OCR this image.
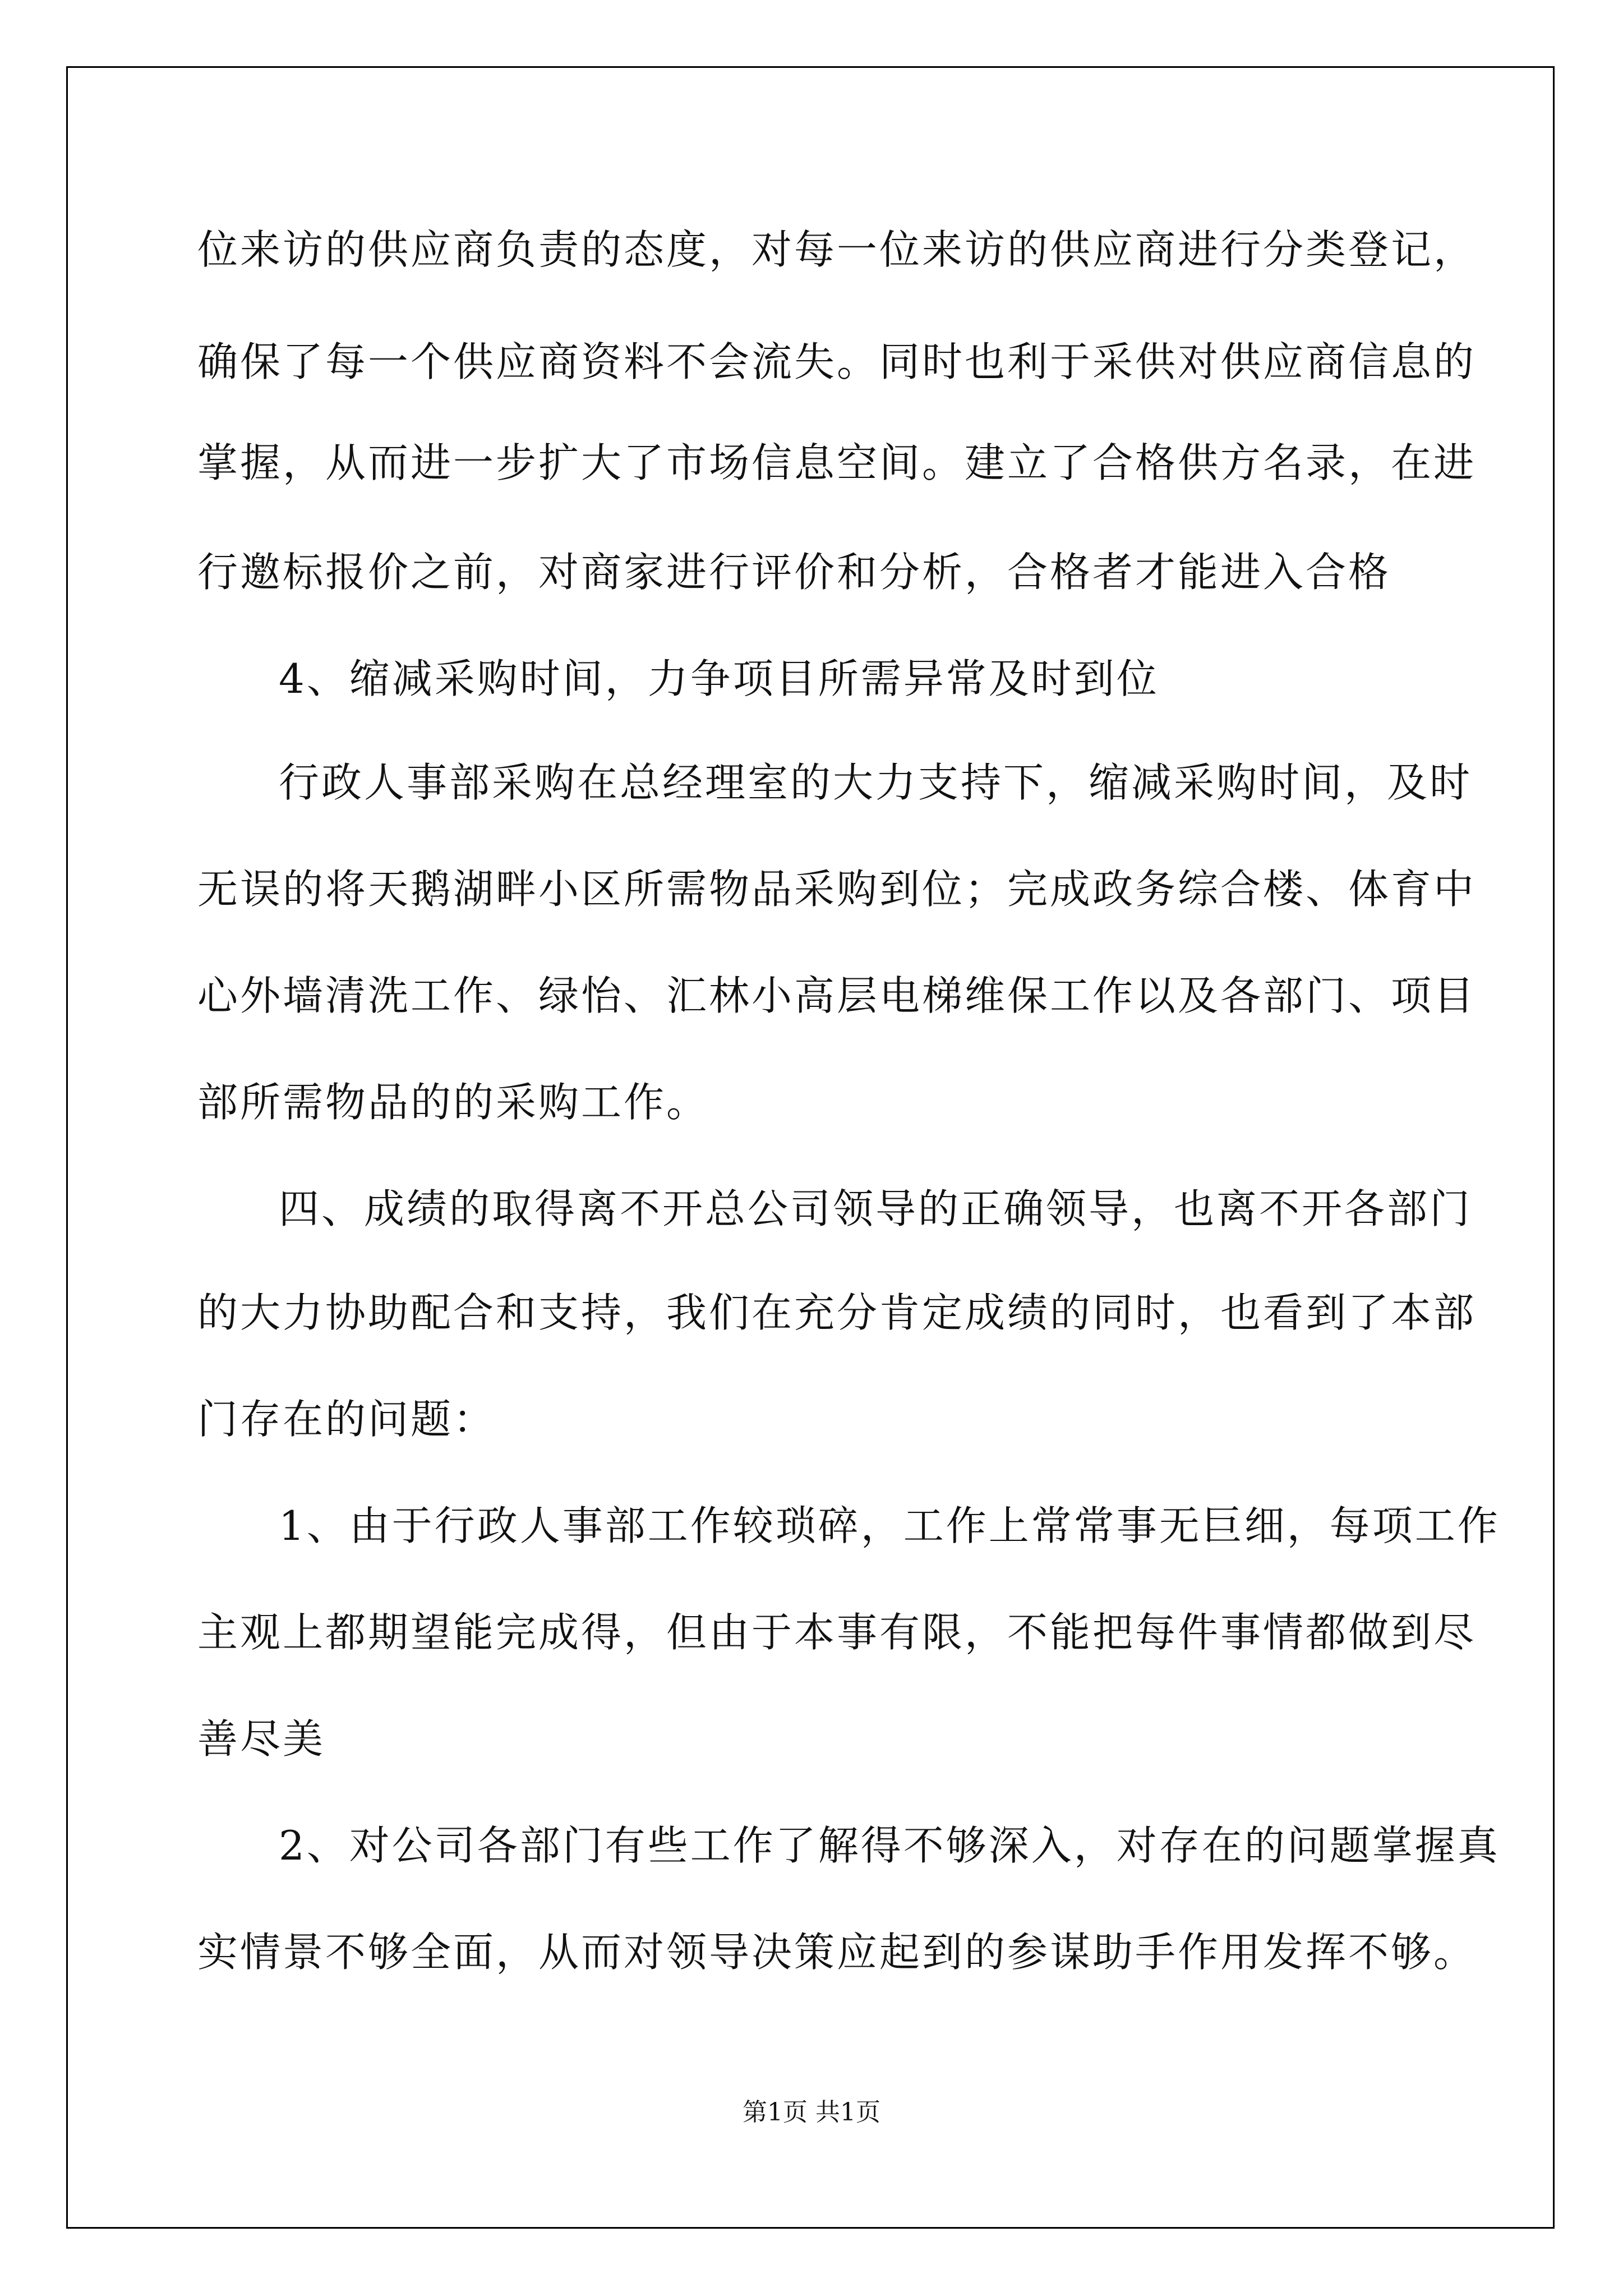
位来访的供应商负责的态度，对每一位来访的供应商进行分类登记，
确保了每一个供应商资料不会流失。同时也利于采供对供应商信息的
掌握，从而进一步扩大了市场信息空间。建立了合格供方名录，在进
行邀标报价之前，对商家进行评价和分析，合格者才能进入合格
4、缩减采购时间，力争项目所需异常及时到位
行政人事部采购在总经理室的大力支持下，缩减采购时间，及时
无误的将天鹅湖畔小区所需物品采购到位；完成政务综合楼、体育中
心外墙清洗工作、绿怡、汇林小高层电梯维保工作以及各部门、项目
部所需物品的的采购工作。
四、成绩的取得离不开总公司领导的正确领导，也离不开各部门
的大力协助配合和支持，我们在充分肯定成绩的同时，也看到了本部
门存在的问题：
1、由于行政人事部工作较琐碎，工作上常常事无巨细，每项工作
主观上都期望能完成得，但由于本事有限，不能把每件事情都做到尽
善尽美
2、对公司各部门有些工作了解得不够深入，对存在的问题掌握真
实情景不够全面，从而对领导决策应起到的参谋助手作用发挥不够。
第1页 共1页
